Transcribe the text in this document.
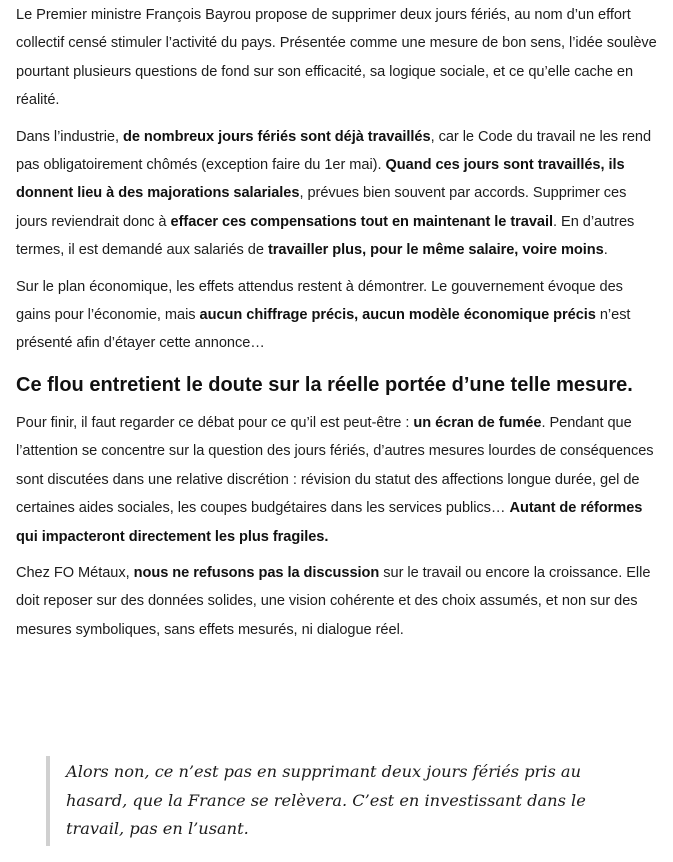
Le Premier ministre François Bayrou propose de supprimer deux jours fériés, au nom d’un effort collectif censé stimuler l’activité du pays. Présentée comme une mesure de bon sens, l’idée soulève pourtant plusieurs questions de fond sur son efficacité, sa logique sociale, et ce qu’elle cache en réalité.

Dans l’industrie, de nombreux jours fériés sont déjà travaillés, car le Code du travail ne les rend pas obligatoirement chômés (exception faire du 1er mai). Quand ces jours sont travaillés, ils donnent lieu à des majorations salariales, prévues bien souvent par accords. Supprimer ces jours reviendrait donc à effacer ces compensations tout en maintenant le travail. En d’autres termes, il est demandé aux salariés de travailler plus, pour le même salaire, voire moins.

Sur le plan économique, les effets attendus restent à démontrer. Le gouvernement évoque des gains pour l’économie, mais aucun chiffrage précis, aucun modèle économique précis n’est présenté afin d’étayer cette annonce…

Ce flou entretient le doute sur la réelle portée d’une telle mesure.

Pour finir, il faut regarder ce débat pour ce qu’il est peut-être : un écran de fumée. Pendant que l’attention se concentre sur la question des jours fériés, d’autres mesures lourdes de conséquences sont discutées dans une relative discrétion : révision du statut des affections longue durée, gel de certaines aides sociales, les coupes budgétaires dans les services publics… Autant de réformes qui impacteront directement les plus fragiles.

Chez FO Métaux, nous ne refusons pas la discussion sur le travail ou encore la croissance. Elle doit reposer sur des données solides, une vision cohérente et des choix assumés, et non sur des mesures symboliques, sans effets mesurés, ni dialogue réel.

Alors non, ce n’est pas en supprimant deux jours fériés pris au hasard, que la France se relèvera. C’est en investissant dans le travail, pas en l’usant.
